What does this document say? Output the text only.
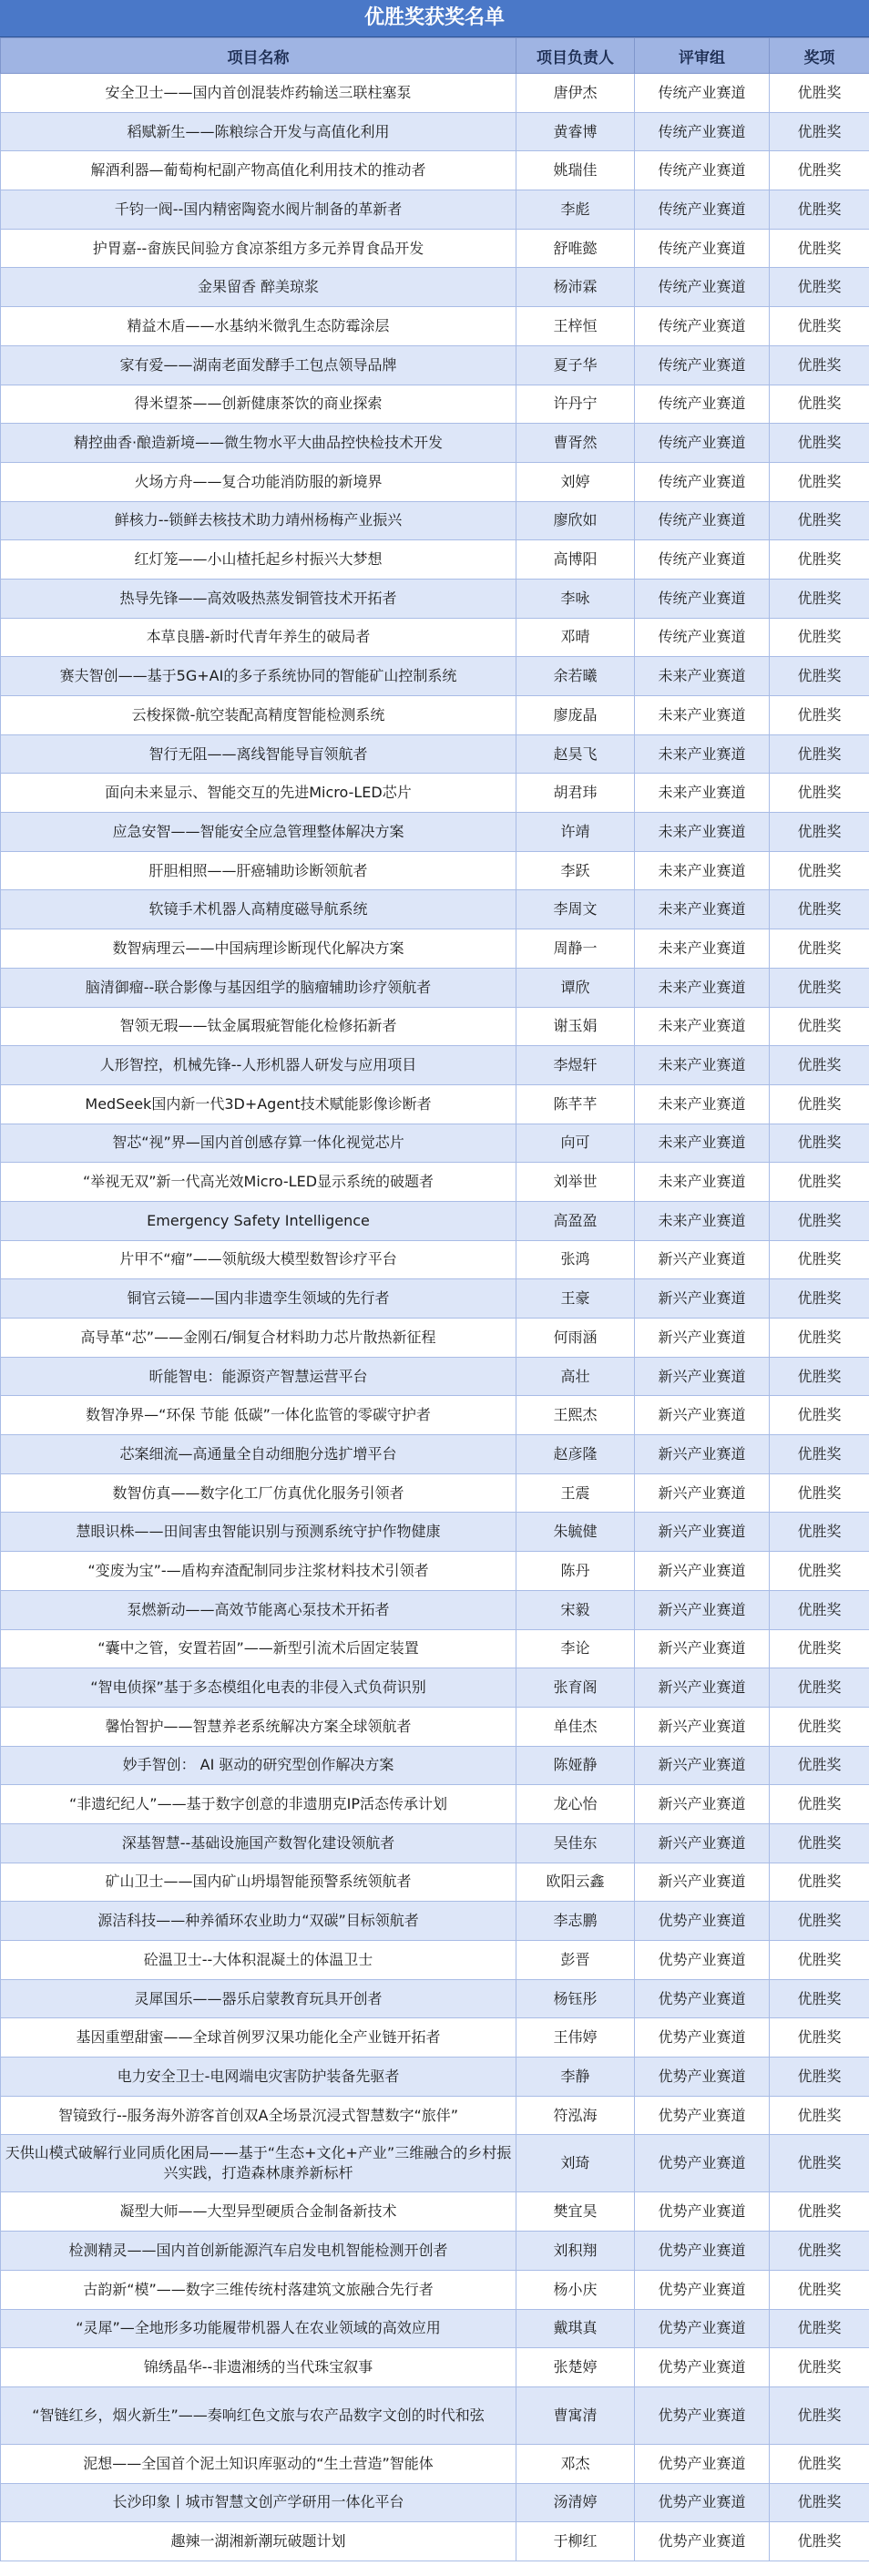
优胜奖获奖名单
项目名称	项目负责人	评审组	奖项
安全卫士——国内首创混装炸药输送三联柱塞泵	唐伊杰	传统产业赛道	优胜奖
稻赋新生——陈粮综合开发与高值化利用	黄睿博	传统产业赛道	优胜奖
解酒利器—葡萄枸杞副产物高值化利用技术的推动者	姚瑞佳	传统产业赛道	优胜奖
千钧一阀--国内精密陶瓷水阀片制备的革新者	李彪	传统产业赛道	优胜奖
护胃嘉--畲族民间验方食凉茶组方多元养胃食品开发	舒唯懿	传统产业赛道	优胜奖
金果留香 醉美琼浆	杨沛霖	传统产业赛道	优胜奖
精益木盾——水基纳米微乳生态防霉涂层	王梓恒	传统产业赛道	优胜奖
家有爱——湖南老面发酵手工包点领导品牌	夏子华	传统产业赛道	优胜奖
得米望茶——创新健康茶饮的商业探索	许丹宁	传统产业赛道	优胜奖
精控曲香·酿造新境——微生物水平大曲品控快检技术开发	曹胥然	传统产业赛道	优胜奖
火场方舟——复合功能消防服的新境界	刘婷	传统产业赛道	优胜奖
鲜核力--锁鲜去核技术助力靖州杨梅产业振兴	廖欣如	传统产业赛道	优胜奖
红灯笼——小山楂托起乡村振兴大梦想	高博阳	传统产业赛道	优胜奖
热导先锋——高效吸热蒸发铜管技术开拓者	李咏	传统产业赛道	优胜奖
本草良膳-新时代青年养生的破局者	邓晴	传统产业赛道	优胜奖
赛夫智创——基于5G+AI的多子系统协同的智能矿山控制系统	余若曦	未来产业赛道	优胜奖
云梭探微-航空装配高精度智能检测系统	廖庞晶	未来产业赛道	优胜奖
智行无阻——离线智能导盲领航者	赵昊飞	未来产业赛道	优胜奖
面向未来显示、智能交互的先进Micro-LED芯片	胡君玮	未来产业赛道	优胜奖
应急安智——智能安全应急管理整体解决方案	许靖	未来产业赛道	优胜奖
肝胆相照——肝癌辅助诊断领航者	李跃	未来产业赛道	优胜奖
软镜手术机器人高精度磁导航系统	李周文	未来产业赛道	优胜奖
数智病理云——中国病理诊断现代化解决方案	周静一	未来产业赛道	优胜奖
脑清御瘤--联合影像与基因组学的脑瘤辅助诊疗领航者	谭欣	未来产业赛道	优胜奖
智领无瑕——钛金属瑕疵智能化检修拓新者	谢玉娟	未来产业赛道	优胜奖
人形智控，机械先锋--人形机器人研发与应用项目	李煜轩	未来产业赛道	优胜奖
MedSeek国内新一代3D+Agent技术赋能影像诊断者	陈芊芊	未来产业赛道	优胜奖
智芯“视”界—国内首创感存算一体化视觉芯片	向可	未来产业赛道	优胜奖
“举视无双”新一代高光效Micro-LED显示系统的破题者	刘举世	未来产业赛道	优胜奖
Emergency Safety Intelligence	高盈盈	未来产业赛道	优胜奖
片甲不“瘤”——领航级大模型数智诊疗平台	张鸿	新兴产业赛道	优胜奖
铜官云镜——国内非遗孪生领域的先行者	王豪	新兴产业赛道	优胜奖
高导革“芯”——金刚石/铜复合材料助力芯片散热新征程	何雨涵	新兴产业赛道	优胜奖
昕能智电：能源资产智慧运营平台	高壮	新兴产业赛道	优胜奖
数智净界—“环保 节能 低碳”一体化监管的零碳守护者	王熙杰	新兴产业赛道	优胜奖
芯案细流—高通量全自动细胞分选扩增平台	赵彦隆	新兴产业赛道	优胜奖
数智仿真——数字化工厂仿真优化服务引领者	王震	新兴产业赛道	优胜奖
慧眼识株——田间害虫智能识别与预测系统守护作物健康	朱毓健	新兴产业赛道	优胜奖
“变废为宝”-—盾构弃渣配制同步注浆材料技术引领者	陈丹	新兴产业赛道	优胜奖
泵燃新动——高效节能离心泵技术开拓者	宋毅	新兴产业赛道	优胜奖
“囊中之管，安置若固”——新型引流术后固定装置	李论	新兴产业赛道	优胜奖
“智电侦探”基于多态模组化电表的非侵入式负荷识别	张育阁	新兴产业赛道	优胜奖
馨怡智护——智慧养老系统解决方案全球领航者	单佳杰	新兴产业赛道	优胜奖
妙手智创： AI 驱动的研究型创作解决方案	陈娅静	新兴产业赛道	优胜奖
“非遗纪纪人”——基于数字创意的非遗朋克IP活态传承计划	龙心怡	新兴产业赛道	优胜奖
深基智慧--基础设施国产数智化建设领航者	吴佳东	新兴产业赛道	优胜奖
矿山卫士——国内矿山坍塌智能预警系统领航者	欧阳云鑫	新兴产业赛道	优胜奖
源洁科技——种养循环农业助力“双碳”目标领航者	李志鹏	优势产业赛道	优胜奖
砼温卫士--大体积混凝土的体温卫士	彭晋	优势产业赛道	优胜奖
灵犀国乐——器乐启蒙教育玩具开创者	杨钰彤	优势产业赛道	优胜奖
基因重塑甜蜜——全球首例罗汉果功能化全产业链开拓者	王伟婷	优势产业赛道	优胜奖
电力安全卫士-电网端电灾害防护装备先驱者	李静	优势产业赛道	优胜奖
智镜致行--服务海外游客首创双A全场景沉浸式智慧数字“旅伴”	符泓海	优势产业赛道	优胜奖
天供山模式破解行业同质化困局——基于“生态+文化+产业”三维融合的乡村振兴实践，打造森林康养新标杆	刘琦	优势产业赛道	优胜奖
凝型大师——大型异型硬质合金制备新技术	樊宜昊	优势产业赛道	优胜奖
检测精灵——国内首创新能源汽车启发电机智能检测开创者	刘积翔	优势产业赛道	优胜奖
古韵新“模”——数字三维传统村落建筑文旅融合先行者	杨小庆	优势产业赛道	优胜奖
“灵犀”—全地形多功能履带机器人在农业领域的高效应用	戴琪真	优势产业赛道	优胜奖
锦绣晶华--非遗湘绣的当代珠宝叙事	张楚婷	优势产业赛道	优胜奖
“智链红乡，烟火新生”——奏响红色文旅与农产品数字文创的时代和弦	曹寓清	优势产业赛道	优胜奖
泥想——全国首个泥土知识库驱动的“生土营造”智能体	邓杰	优势产业赛道	优胜奖
长沙印象丨城市智慧文创产学研用一体化平台	汤清婷	优势产业赛道	优胜奖
趣辣一湖湘新潮玩破题计划	于柳红	优势产业赛道	优胜奖
